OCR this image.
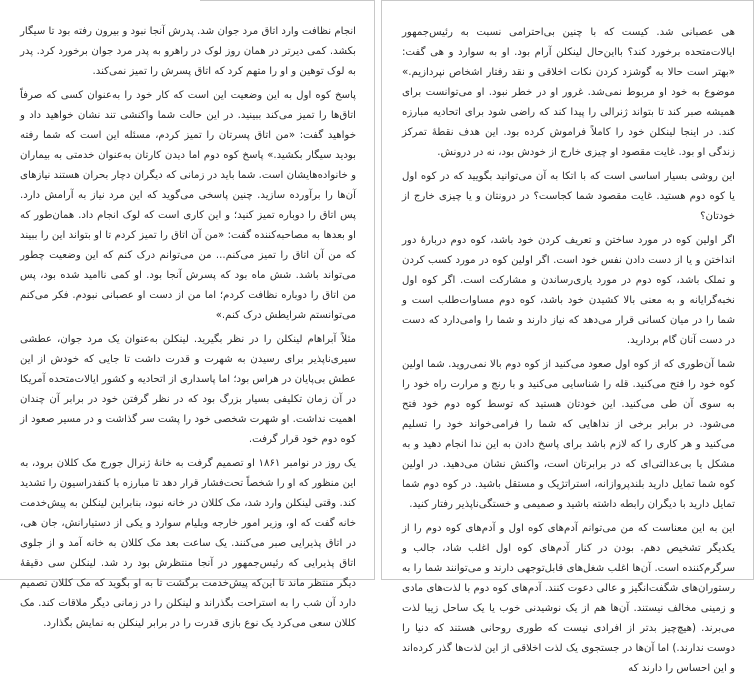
انجام نظافت وارد اتاق مرد جوان شد. پدرش آنجا نبود و بیرون رفته بود تا سیگار بکشد. کمی دیرتر در همان روز لوک در راهرو به پدر مرد جوان برخورد کرد. پدر به لوک توهین و او را متهم کرد که اتاق پسرش را تمیز نمی‌کند.

پاسخ کوه اول به این وضعیت این است که کار خود را به‌عنوان کسی که صرفاً اتاق‌ها را تمیز می‌کند ببینید. در این حالت شما واکنشی تند نشان خواهید داد و خواهید گفت: «من اتاق پسرتان را تمیز کردم، مسئله این است که شما رفته بودید سیگار بکشید.» پاسخ کوه دوم اما دیدن کارتان به‌عنوان خدمتی به بیماران و خانواده‌هایشان است. شما باید در زمانی که دیگران دچار بحران هستند نیازهای آن‌ها را برآورده سازید. چنین پاسخی می‌گوید که این مرد نیاز به آرامش دارد. پس اتاق را دوباره تمیز کنید؛ و این کاری است که لوک انجام داد. همان‌طور که او بعدها به مصاحبه‌کننده گفت: «من آن اتاق را تمیز کردم تا او بتواند این را ببیند که من آن اتاق را تمیز می‌کنم... من می‌توانم درک کنم که این وضعیت چطور می‌تواند باشد. شش ماه بود که پسرش آنجا بود. او کمی ناامید شده بود، پس من اتاق را دوباره نظافت کردم؛ اما من از دست او عصبانی نبودم. فکر می‌کنم می‌توانستم شرایطش درک کنم.»

مثلاً آبراهام لینکلن را در نظر بگیرید. لینکلن به‌عنوان یک مرد جوان، عطشی سیری‌ناپذیر برای رسیدن به شهرت و قدرت داشت تا جایی که خودش از این عطش بی‌پایان در هراس بود؛ اما پاسداری از اتحادیه و کشور ایالات‌متحده آمریکا در آن زمان تکلیفی بسیار بزرگ بود که در نظر گرفتن خود در برابر آن چندان اهمیت نداشت. او شهرت شخصی خود را پشت سر گذاشت و در مسیر صعود از کوه دوم خود قرار گرفت.

یک روز در نوامبر ۱۸۶۱ او تصمیم گرفت به خانهٔ ژنرال جورج مک کللان برود، به این منظور که او را شخصاً تحت‌فشار قرار دهد تا مبارزه با کنفدراسیون را تشدید کند. وقتی لینکلن وارد شد، مک کللان در خانه نبود، بنابراین لینکلن به پیش‌خدمت خانه گفت که او، وزیر امور خارجه ویلیام سوارد و یکی از دستیارانش، جان هی، در اتاق پذیرایی صبر می‌کنند. یک ساعت بعد مک کللان به خانه آمد و از جلوی اتاق پذیرایی که رئیس‌جمهور در آنجا منتظرش بود رد شد. لینکلن سی دقیقهٔ دیگر منتظر ماند تا این‌که پیش‌خدمت برگشت تا به او بگوید که مک کللان تصمیم دارد آن شب را به استراحت بگذراند و لینکلن را در زمانی دیگر ملاقات کند. مک کللان سعی می‌کرد یک نوع بازی قدرت را در برابر لینکلن به نمایش بگذارد.

هی عصبانی شد. کیست که با چنین بی‌احترامی نسبت به رئیس‌جمهور ایالات‌متحده برخورد کند؟ بااین‌حال لینکلن آرام بود. او به سوارد و هی گفت: «بهتر است حالا به گوشزد کردن نکات اخلاقی و نقد رفتار اشخاص نپردازیم.» موضوع به خود او مربوط نمی‌شد. غرور او در خطر نبود. او می‌توانست برای همیشه صبر کند تا بتواند ژنرالی را پیدا کند که راضی شود برای اتحادیه مبارزه کند. در اینجا لینکلن خود را کاملاً فراموش کرده بود. این هدف نقطهٔ تمرکز زندگی او بود. غایت مقصود او چیزی خارج از خودش بود، نه در درونش.

این روشی بسیار اساسی است که با اتکا به آن می‌توانید بگویید که در کوه اول یا کوه دوم هستید. غایت مقصود شما کجاست؟ در درونتان و یا چیزی خارج از خودتان؟

اگر اولین کوه در مورد ساختن و تعریف کردن خود باشد، کوه دوم دربارهٔ دور انداختن و یا از دست دادن نفس خود است. اگر اولین کوه در مورد کسب کردن و تملک باشد، کوه دوم در مورد یاری‌رساندن و مشارکت است. اگر کوه اول نخبه‌گرایانه و به معنی بالا کشیدن خود باشد، کوه دوم مساوات‌طلب است و شما را در میان کسانی قرار می‌دهد که نیاز دارند و شما را وامی‌دارد که دست در دست آنان گام بردارید.

شما آن‌طوری که از کوه اول صعود می‌کنید از کوه دوم بالا نمی‌روید. شما اولین کوه خود را فتح می‌کنید. قله را شناسایی می‌کنید و با رنج و مرارت راه خود را به سوی آن طی می‌کنید. این خودتان هستید که توسط کوه دوم خود فتح می‌شود. در برابر برخی از نداهایی که شما را فرامی‌خواند خود را تسلیم می‌کنید و هر کاری را که لازم باشد برای پاسخ دادن به این ندا انجام دهید و به مشکل یا بی‌عدالتی‌ای که در برابرتان است، واکنش نشان می‌دهید. در اولین کوه شما تمایل دارید بلندپروازانه، استراتژیک و مستقل باشید. در کوه دوم شما تمایل دارید با دیگران رابطه داشته باشید و صمیمی و خستگی‌ناپذیر رفتار کنید.

این به این معناست که من می‌توانم آدم‌های کوه اول و آدم‌های کوه دوم را از یکدیگر تشخیص دهم. بودن در کنار آدم‌های کوه اول اغلب شاد، جالب و سرگرم‌کننده است. آن‌ها اغلب شغل‌های قابل‌توجهی دارند و می‌توانند شما را به رستوران‌های شگفت‌انگیز و عالی دعوت کنند. آدم‌های کوه دوم با لذت‌های مادی و زمینی مخالف نیستند. آن‌ها هم از یک نوشیدنی خوب یا یک ساحل زیبا لذت می‌برند. (هیچ‌چیز بدتر از افرادی نیست که طوری روحانی هستند که دنیا را دوست ندارند.) اما آن‌ها در جستجوی یک لذت اخلاقی از این لذت‌ها گذر کرده‌اند و این احساس را دارند که
